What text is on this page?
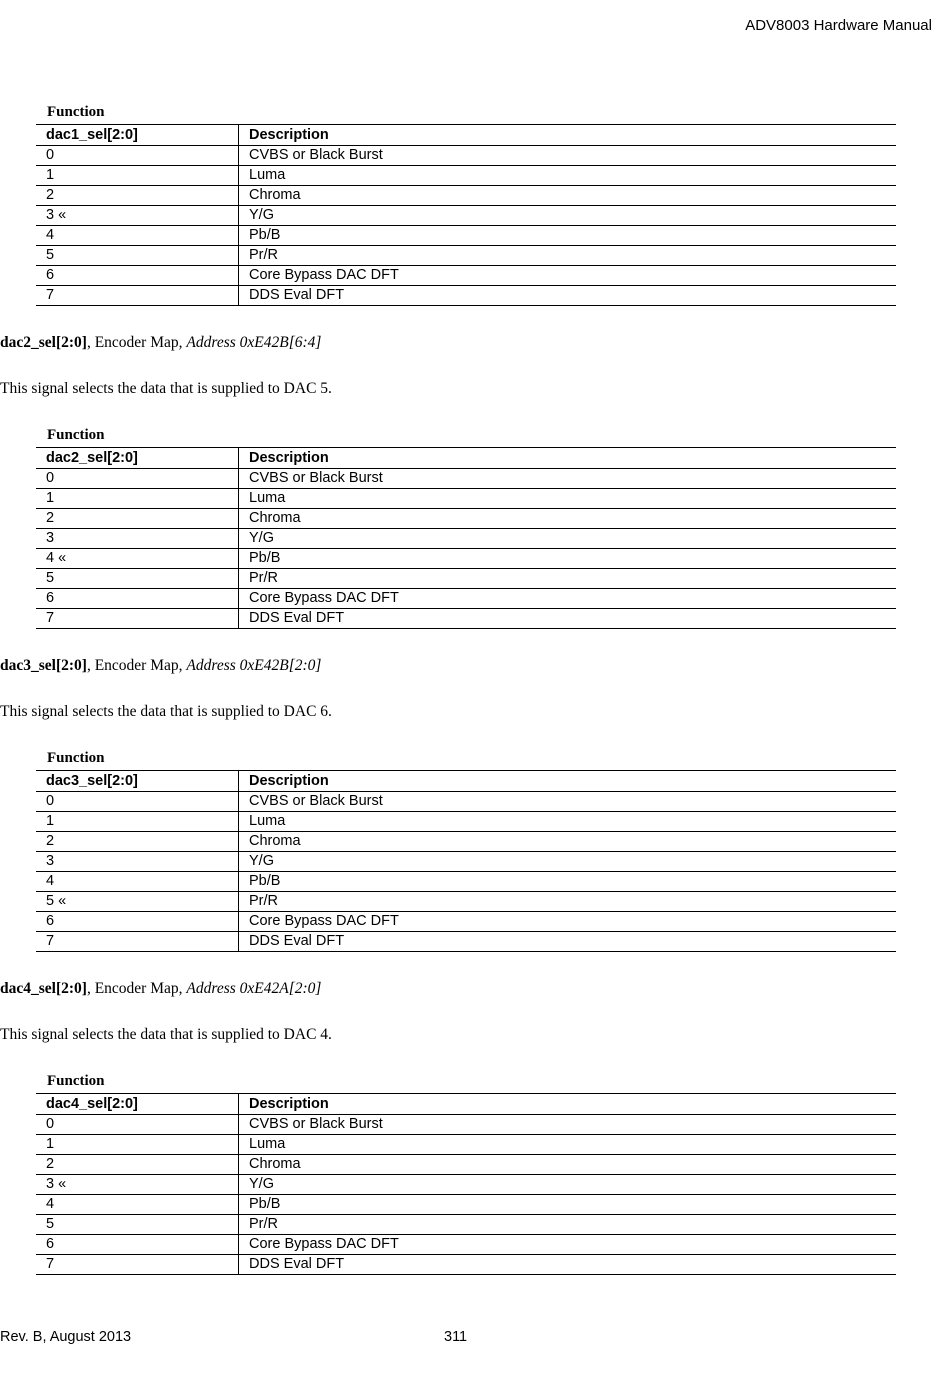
ADV8003 Hardware Manual
Function
dac1_sel[2:0]	Description
0	CVBS or Black Burst
1	Luma
2	Chroma
3 «	Y/G
4	Pb/B
5	Pr/R
6	Core Bypass DAC DFT
7	DDS Eval DFT
dac2_sel[2:0], Encoder Map, Address 0xE42B[6:4]
This signal selects the data that is supplied to DAC 5.
Function
dac2_sel[2:0]	Description
0	CVBS or Black Burst
1	Luma
2	Chroma
3	Y/G
4 «	Pb/B
5	Pr/R
6	Core Bypass DAC DFT
7	DDS Eval DFT
dac3_sel[2:0], Encoder Map, Address 0xE42B[2:0]
This signal selects the data that is supplied to DAC 6.
Function
dac3_sel[2:0]	Description
0	CVBS or Black Burst
1	Luma
2	Chroma
3	Y/G
4	Pb/B
5 «	Pr/R
6	Core Bypass DAC DFT
7	DDS Eval DFT
dac4_sel[2:0], Encoder Map, Address 0xE42A[2:0]
This signal selects the data that is supplied to DAC 4.
Function
dac4_sel[2:0]	Description
0	CVBS or Black Burst
1	Luma
2	Chroma
3 «	Y/G
4	Pb/B
5	Pr/R
6	Core Bypass DAC DFT
7	DDS Eval DFT
Rev. B, August 2013	311
